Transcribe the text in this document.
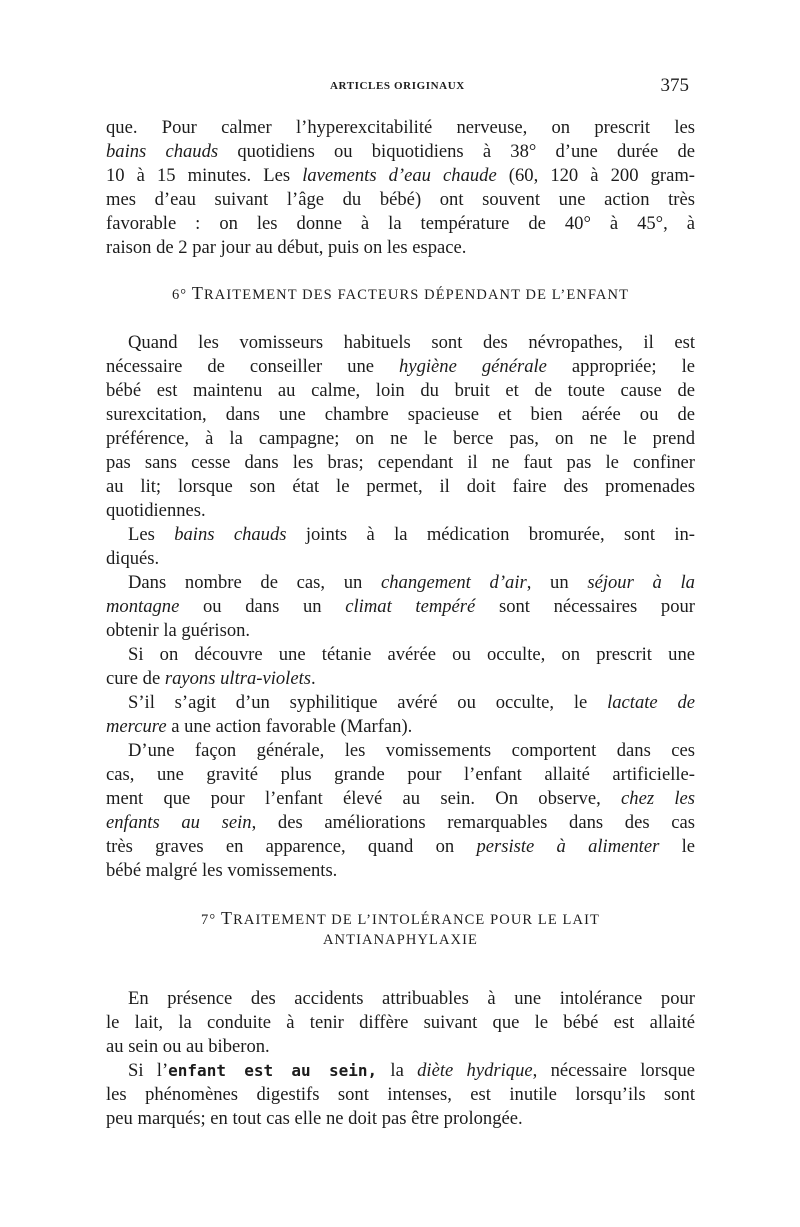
ARTICLES ORIGINAUX	375
que. Pour calmer l’hyperexcitabilité nerveuse, on prescrit les
bains chauds quotidiens ou biquotidiens à 38° d’une durée de
10 à 15 minutes. Les lavements d’eau chaude (60, 120 à 200 gram-
mes d’eau suivant l’âge du bébé) ont souvent une action très
favorable : on les donne à la température de 40° à 45°, à
raison de 2 par jour au début, puis on les espace.
6° TRAITEMENT DES FACTEURS DÉPENDANT DE L’ENFANT
Quand les vomisseurs habituels sont des névropathes, il est
nécessaire de conseiller une hygiène générale appropriée; le
bébé est maintenu au calme, loin du bruit et de toute cause de
surexcitation, dans une chambre spacieuse et bien aérée ou de
préférence, à la campagne; on ne le berce pas, on ne le prend
pas sans cesse dans les bras; cependant il ne faut pas le confiner
au lit; lorsque son état le permet, il doit faire des promenades
quotidiennes.
Les bains chauds joints à la médication bromurée, sont in-
diqués.
Dans nombre de cas, un changement d’air, un séjour à la
montagne ou dans un climat tempéré sont nécessaires pour
obtenir la guérison.
Si on découvre une tétanie avérée ou occulte, on prescrit une
cure de rayons ultra-violets.
S’il s’agit d’un syphilitique avéré ou occulte, le lactate de
mercure a une action favorable (Marfan).
D’une façon générale, les vomissements comportent dans ces
cas, une gravité plus grande pour l’enfant allaité artificielle-
ment que pour l’enfant élevé au sein. On observe, chez les
enfants au sein, des améliorations remarquables dans des cas
très graves en apparence, quand on persiste à alimenter le
bébé malgré les vomissements.
7° TRAITEMENT DE L’INTOLÉRANCE POUR LE LAIT
ANTIANAPHYLAXIE
En présence des accidents attribuables à une intolérance pour
le lait, la conduite à tenir diffère suivant que le bébé est allaité
au sein ou au biberon.
Si l’enfant est au sein, la diète hydrique, nécessaire lorsque
les phénomènes digestifs sont intenses, est inutile lorsqu’ils sont
peu marqués; en tout cas elle ne doit pas être prolongée.
